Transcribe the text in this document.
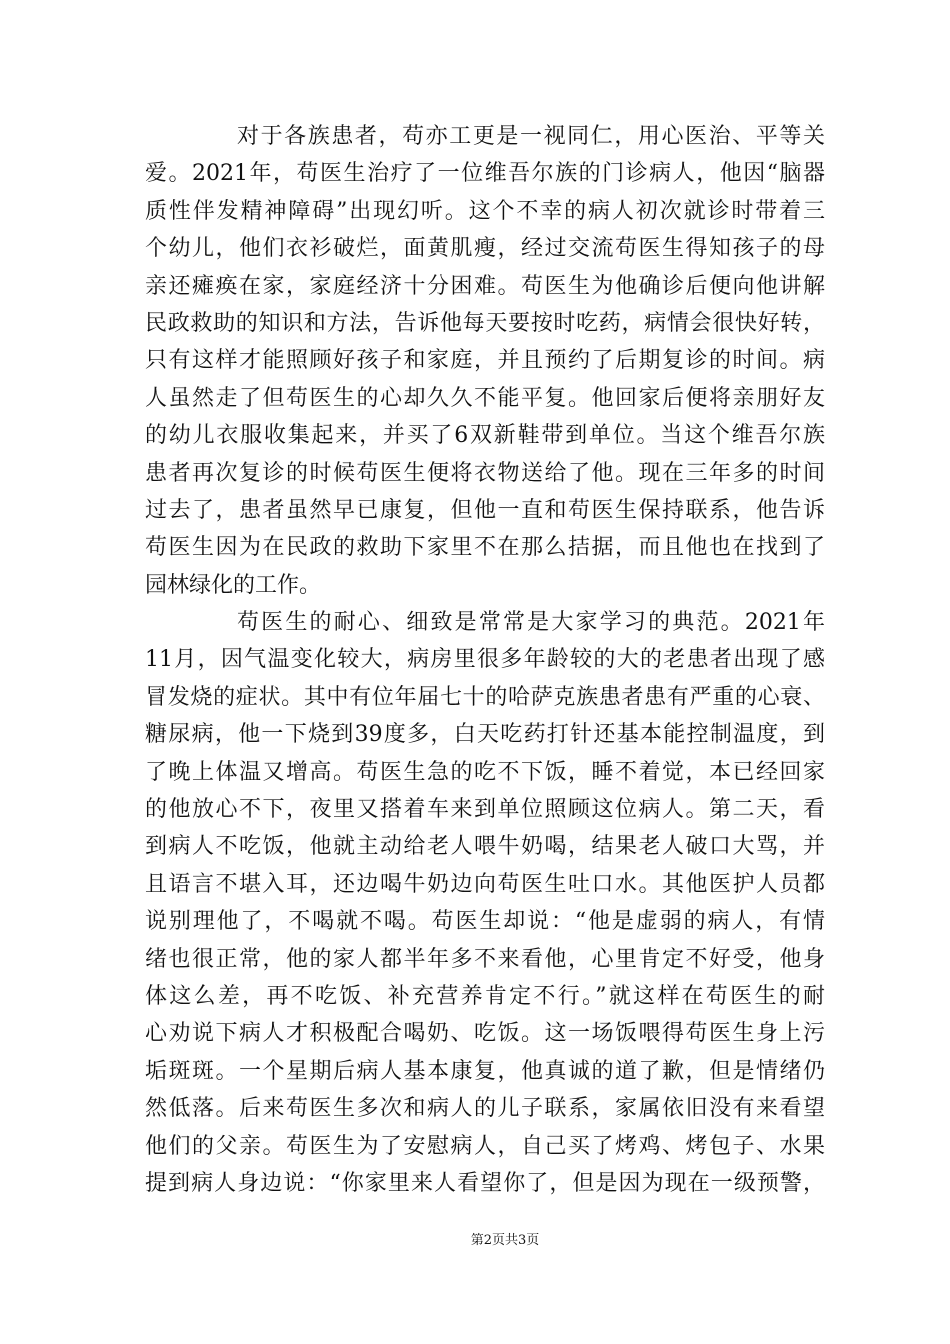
对于各族患者，苟亦工更是一视同仁，用心医治、平等关
爱。2021年，苟医生治疗了一位维吾尔族的门诊病人，他因“脑器
质性伴发精神障碍”出现幻听。这个不幸的病人初次就诊时带着三
个幼儿，他们衣衫破烂，面黄肌瘦，经过交流苟医生得知孩子的母
亲还瘫痪在家，家庭经济十分困难。苟医生为他确诊后便向他讲解
民政救助的知识和方法，告诉他每天要按时吃药，病情会很快好转，
只有这样才能照顾好孩子和家庭，并且预约了后期复诊的时间。病
人虽然走了但苟医生的心却久久不能平复。他回家后便将亲朋好友
的幼儿衣服收集起来，并买了6双新鞋带到单位。当这个维吾尔族
患者再次复诊的时候苟医生便将衣物送给了他。现在三年多的时间
过去了，患者虽然早已康复，但他一直和苟医生保持联系，他告诉
苟医生因为在民政的救助下家里不在那么拮据，而且他也在找到了
园林绿化的工作。
苟医生的耐心、细致是常常是大家学习的典范。2021年
11月，因气温变化较大，病房里很多年龄较的大的老患者出现了感
冒发烧的症状。其中有位年届七十的哈萨克族患者患有严重的心衰、
糖尿病，他一下烧到39度多，白天吃药打针还基本能控制温度，到
了晚上体温又增高。苟医生急的吃不下饭，睡不着觉，本已经回家
的他放心不下，夜里又搭着车来到单位照顾这位病人。第二天，看
到病人不吃饭，他就主动给老人喂牛奶喝，结果老人破口大骂，并
且语言不堪入耳，还边喝牛奶边向苟医生吐口水。其他医护人员都
说别理他了，不喝就不喝。苟医生却说：“他是虚弱的病人，有情
绪也很正常，他的家人都半年多不来看他，心里肯定不好受，他身
体这么差，再不吃饭、补充营养肯定不行。”就这样在苟医生的耐
心劝说下病人才积极配合喝奶、吃饭。这一场饭喂得苟医生身上污
垢斑斑。一个星期后病人基本康复，他真诚的道了歉，但是情绪仍
然低落。后来苟医生多次和病人的儿子联系，家属依旧没有来看望
他们的父亲。苟医生为了安慰病人，自己买了烤鸡、烤包子、水果
提到病人身边说：“你家里来人看望你了，但是因为现在一级预警，
第2页共3页
